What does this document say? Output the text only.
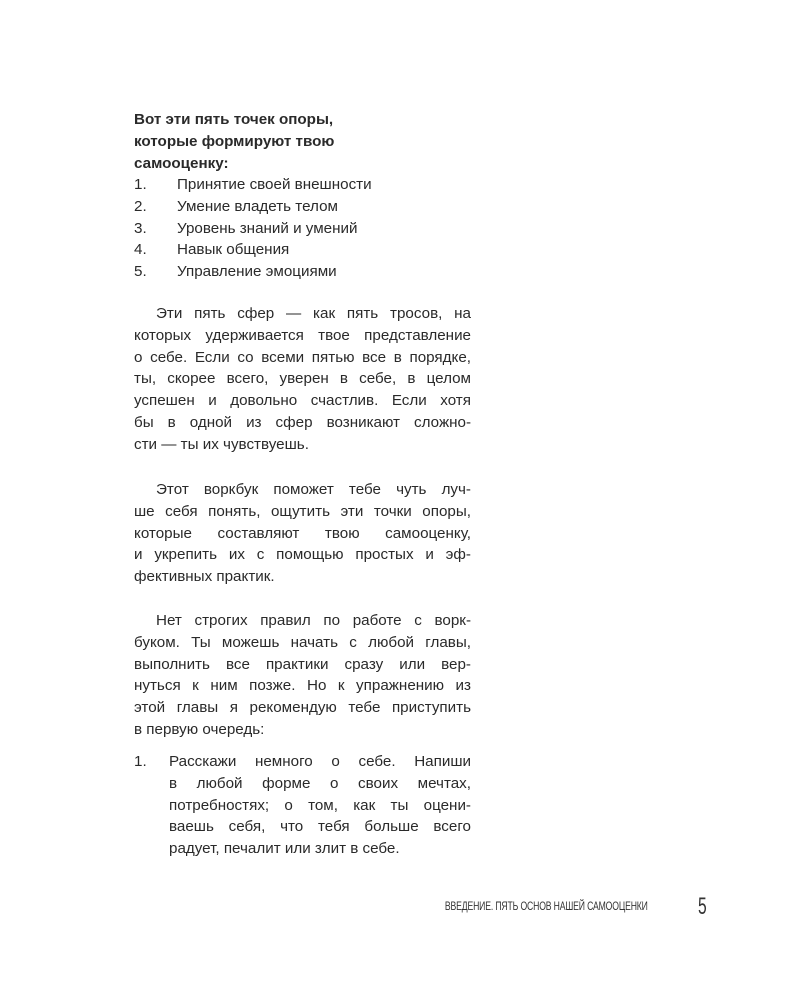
Вот эти пять точек опоры,
которые формируют твою
самооценку:

1. Принятие своей внешности
2. Умение владеть телом
3. Уровень знаний и умений
4. Навык общения
5. Управление эмоциями

Эти пять сфер — как пять тросов, на
которых удерживается твое представление
о себе. Если со всеми пятью все в порядке,
ты, скорее всего, уверен в себе, в целом
успешен и довольно счастлив. Если хотя
бы в одной из сфер возникают сложно-
сти — ты их чувствуешь.

Этот воркбук поможет тебе чуть луч-
ше себя понять, ощутить эти точки опоры,
которые составляют твою самооценку,
и укрепить их с помощью простых и эф-
фективных практик.

Нет строгих правил по работе с ворк-
буком. Ты можешь начать с любой главы,
выполнить все практики сразу или вер-
нуться к ним позже. Но к упражнению из
этой главы я рекомендую тебе приступить
в первую очередь:

1. Расскажи немного о себе. Напиши
в любой форме о своих мечтах,
потребностях; о том, как ты оцени-
ваешь себя, что тебя больше всего
радует, печалит или злит в себе.
ВВЕДЕНИЕ. ПЯТЬ ОСНОВ НАШЕЙ САМООЦЕНКИ 5
